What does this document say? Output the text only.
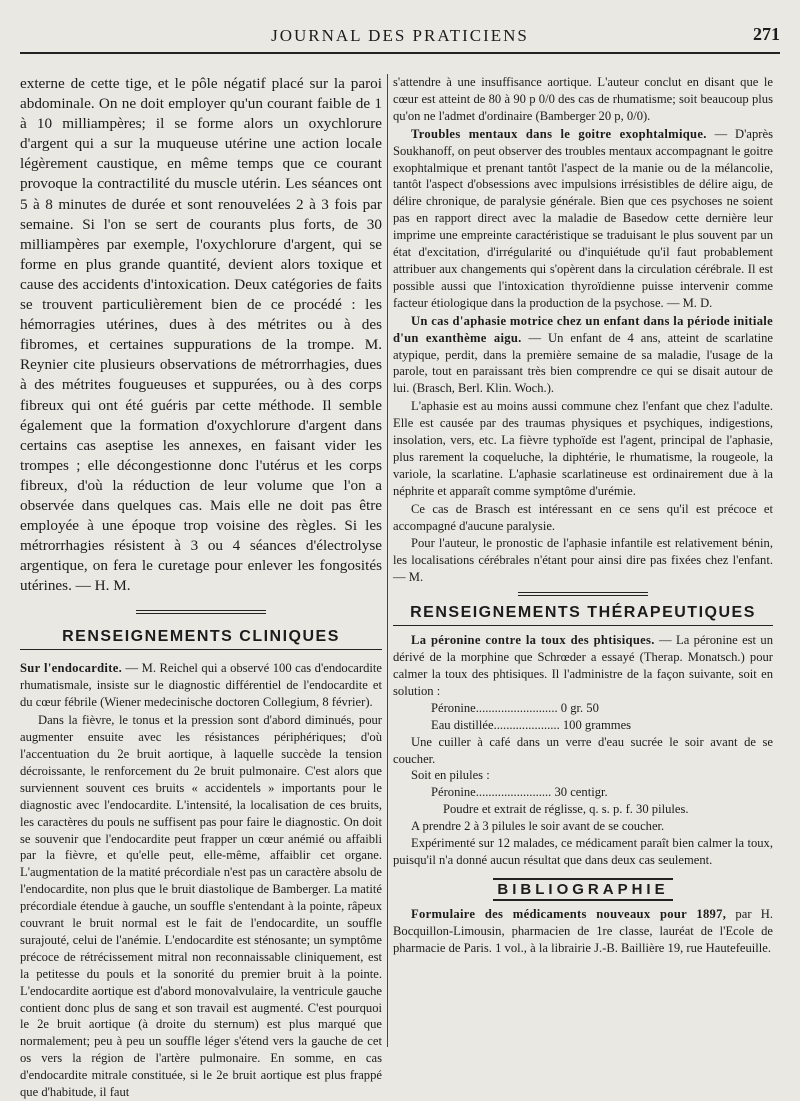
JOURNAL DES PRATICIENS	271

externe de cette tige, et le pôle négatif placé sur la paroi abdominale. On ne doit employer qu'un courant faible de 1 à 10 milliampères; il se forme alors un oxychlorure d'argent qui a sur la muqueuse utérine une action locale légèrement caustique, en même temps que ce courant provoque la contractilité du muscle utérin. Les séances ont 5 à 8 minutes de durée et sont renouvelées 2 à 3 fois par semaine. Si l'on se sert de courants plus forts, de 30 milliampères par exemple, l'oxychlorure d'argent, qui se forme en plus grande quantité, devient alors toxique et cause des accidents d'intoxication. Deux catégories de faits se trouvent particulièrement bien de ce procédé : les hémorragies utérines, dues à des métrites ou à des fibromes, et certaines suppurations de la trompe. M. Reynier cite plusieurs observations de métrorrhagies, dues à des métrites fougueuses et suppurées, ou à des corps fibreux qui ont été guéris par cette méthode. Il semble également que la formation d'oxychlorure d'argent dans certains cas aseptise les annexes, en faisant vider les trompes ; elle décongestionne donc l'utérus et les corps fibreux, d'où la réduction de leur volume que l'on a observée dans quelques cas. Mais elle ne doit pas être employée à une époque trop voisine des règles. Si les métrorrhagies résistent à 3 ou 4 séances d'électrolyse argentique, on fera le curetage pour enlever les fongosités utérines. — H. M.

RENSEIGNEMENTS CLINIQUES

Sur l'endocardite. — M. Reichel qui a observé 100 cas d'endocardite rhumatismale, insiste sur le diagnostic différentiel de l'endocardite et du cœur fébrile (Wiener medecinische doctoren Collegium, 8 février).

Dans la fièvre, le tonus et la pression sont d'abord diminués, pour augmenter ensuite avec les résistances périphériques; d'où l'accentuation du 2e bruit aortique, à laquelle succède la tension décroissante, le renforcement du 2e bruit pulmonaire. C'est alors que surviennent souvent ces bruits « accidentels » importants pour le diagnostic avec l'endocardite. L'intensité, la localisation de ces bruits, les caractères du pouls ne suffisent pas pour faire le diagnostic. On doit se souvenir que l'endocardite peut frapper un cœur anémié ou affaibli par la fièvre, et qu'elle peut, elle-même, affaiblir cet organe. L'augmentation de la matité précordiale n'est pas un caractère absolu de l'endocardite, non plus que le bruit diastolique de Bamberger. La matité précordiale étendue à gauche, un souffle s'entendant à la pointe, râpeux couvrant le bruit normal est le fait de l'endocardite, un souffle surajouté, celui de l'anémie. L'endocardite est sténosante; un symptôme précoce de rétrécissement mitral non reconnaissable cliniquement, est la petitesse du pouls et la sonorité du premier bruit à la pointe. L'endocardite aortique est d'abord monovalvulaire, la ventricule gauche contient donc plus de sang et son travail est augmenté. C'est pourquoi le 2e bruit aortique (à droite du sternum) est plus marqué que normalement; peu à peu un souffle léger s'étend vers la gauche de cet os vers la région de l'artère pulmonaire. En somme, en cas d'endocardite mitrale constituée, si le 2e bruit aortique est plus frappé que d'habitude, il faut

s'attendre à une insuffisance aortique. L'auteur conclut en disant que le cœur est atteint de 80 à 90 p 0/0 des cas de rhumatisme; soit beaucoup plus qu'on ne l'admet d'ordinaire (Bamberger 20 p, 0/0).

Troubles mentaux dans le goitre exophtalmique. — D'après Soukhanoff, on peut observer des troubles mentaux accompagnant le goitre exophtalmique et prenant tantôt l'aspect de la manie ou de la mélancolie, tantôt l'aspect d'obsessions avec impulsions irrésistibles de délire aigu, de délire chronique, de paralysie générale. Bien que ces psychoses ne soient pas en rapport direct avec la maladie de Basedow cette dernière leur imprime une empreinte caractéristique se traduisant le plus souvent par un état d'excitation, d'irrégularité ou d'inquiétude qu'il faut probablement attribuer aux changements qui s'opèrent dans la circulation cérébrale. Il est possible aussi que l'intoxication thyroïdienne puisse intervenir comme facteur étiologique dans la production de la psychose. — M. D.

Un cas d'aphasie motrice chez un enfant dans la période initiale d'un exanthème aigu. — Un enfant de 4 ans, atteint de scarlatine atypique, perdit, dans la première semaine de sa maladie, l'usage de la parole, tout en paraissant très bien comprendre ce qui se disait autour de lui. (Brasch, Berl. Klin. Woch.).

L'aphasie est au moins aussi commune chez l'enfant que chez l'adulte. Elle est causée par des traumas physiques et psychiques, indigestions, insolation, vers, etc. La fièvre typhoïde est l'agent, principal de l'aphasie, plus rarement la coqueluche, la diphtérie, le rhumatisme, la rougeole, la variole, la scarlatine. L'aphasie scarlatineuse est ordinairement due à la néphrite et apparaît comme symptôme d'urémie.

Ce cas de Brasch est intéressant en ce sens qu'il est précoce et accompagné d'aucune paralysie.

Pour l'auteur, le pronostic de l'aphasie infantile est relativement bénin, les localisations cérébrales n'étant pour ainsi dire pas fixées chez l'enfant. — M.

RENSEIGNEMENTS THÉRAPEUTIQUES

La péronine contre la toux des phtisiques. — La péronine est un dérivé de la morphine que Schrœder a essayé (Therap. Monatsch.) pour calmer la toux des phtisiques. Il l'administre de la façon suivante, soit en solution :

Péronine.......................... 0 gr. 50

Eau distillée..................... 100 grammes

Une cuiller à café dans un verre d'eau sucrée le soir avant de se coucher.

Soit en pilules :

Péronine........................ 30 centigr.

Poudre et extrait de réglisse, q. s. p. f. 30 pilules.

A prendre 2 à 3 pilules le soir avant de se coucher.

Expérimenté sur 12 malades, ce médicament paraît bien calmer la toux, puisqu'il n'a donné aucun résultat que dans deux cas seulement.

BIBLIOGRAPHIE

Formulaire des médicaments nouveaux pour 1897, par H. Bocquillon-Limousin, pharmacien de 1re classe, lauréat de l'Ecole de pharmacie de Paris. 1 vol., à la librairie J.-B. Baillière 19, rue Hautefeuille.
